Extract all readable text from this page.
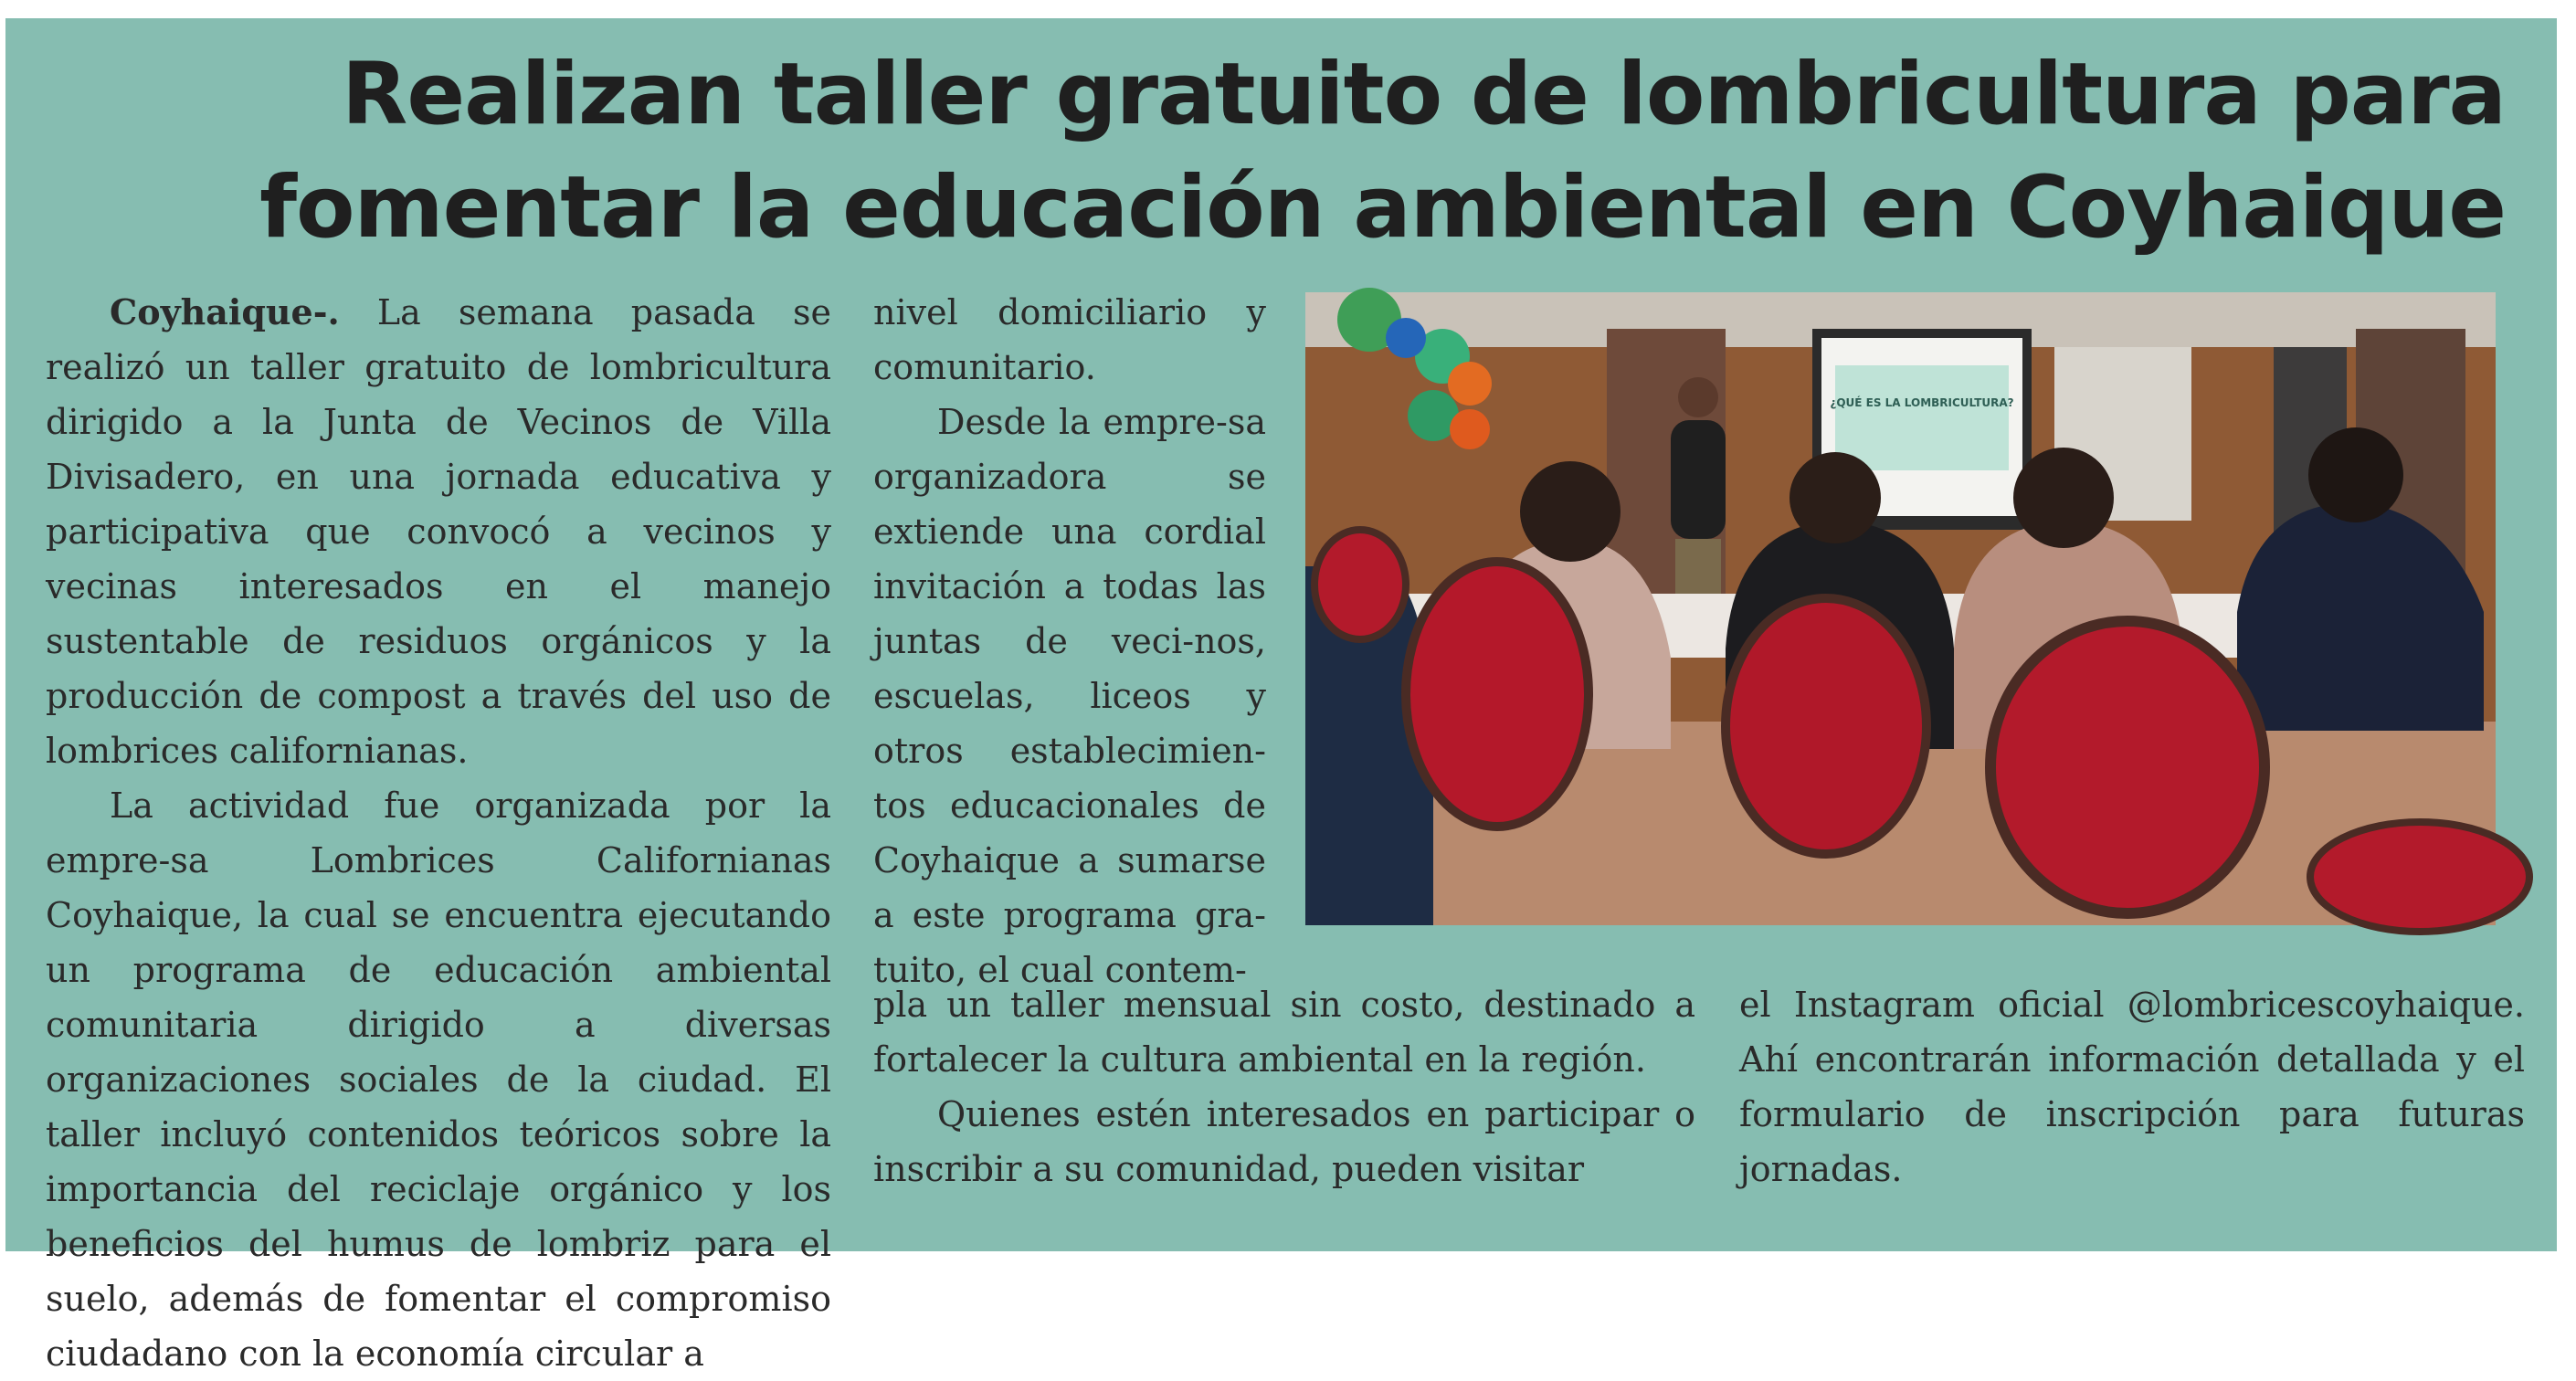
Realizan taller gratuito de lombricultura para fomentar la educación ambiental en Coyhaique

Coyhaique-. La semana pasada se realizó un taller gratuito de lombricultura dirigido a la Junta de Vecinos de Villa Divisadero, en una jornada educativa y participativa que convocó a vecinos y vecinas interesados en el manejo sustentable de residuos orgánicos y la producción de compost a través del uso de lombrices californianas.

La actividad fue organizada por la empre-sa Lombrices Californianas Coyhaique, la cual se encuentra ejecutando un programa de educación ambiental comunitaria dirigido a diversas organizaciones sociales de la ciudad. El taller incluyó contenidos teóricos sobre la importancia del reciclaje orgánico y los beneficios del humus de lombriz para el suelo, además de fomentar el compromiso ciudadano con la economía circular a

nivel domiciliario y comunitario.

Desde la empre-sa organizadora se extiende una cordial invitación a todas las juntas de veci-nos, escuelas, liceos y otros establecimien-tos educacionales de Coyhaique a sumarse a este programa gra-tuito, el cual contem-

¿QUÉ ES LA LOMBRICULTURA?

pla un taller mensual sin costo, destinado a fortalecer la cultura ambiental en la región.

Quienes estén interesados en participar o inscribir a su comunidad, pueden visitar

el Instagram oficial @lombricescoyhaique. Ahí encontrarán información detallada y el formulario de inscripción para futuras jornadas.
